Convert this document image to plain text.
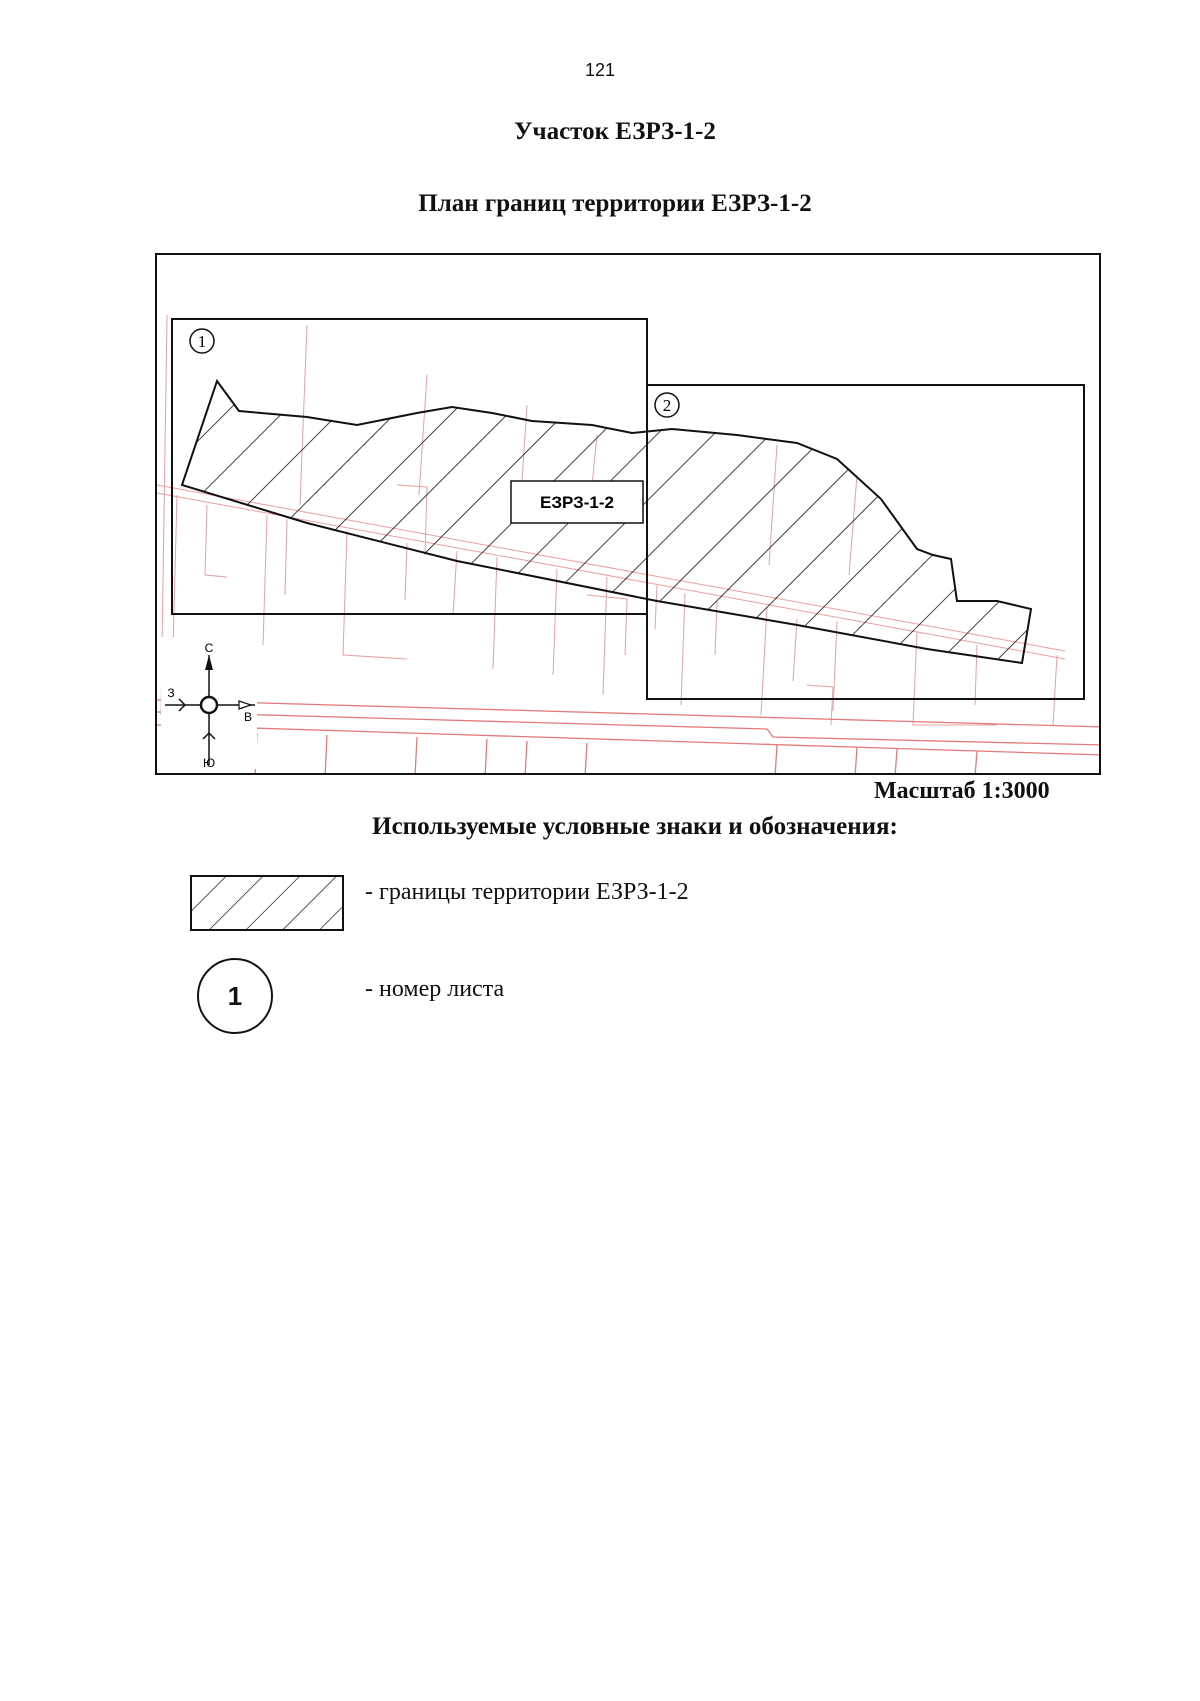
121
Участок ЕЗРЗ-1-2
План границ территории ЕЗРЗ-1-2
1
2
ЕЗРЗ-1-2
С
Ю
З
В
Масштаб 1:3000
Используемые условные знаки и обозначения:
- границы территории ЕЗРЗ-1-2
1	- номер листа
